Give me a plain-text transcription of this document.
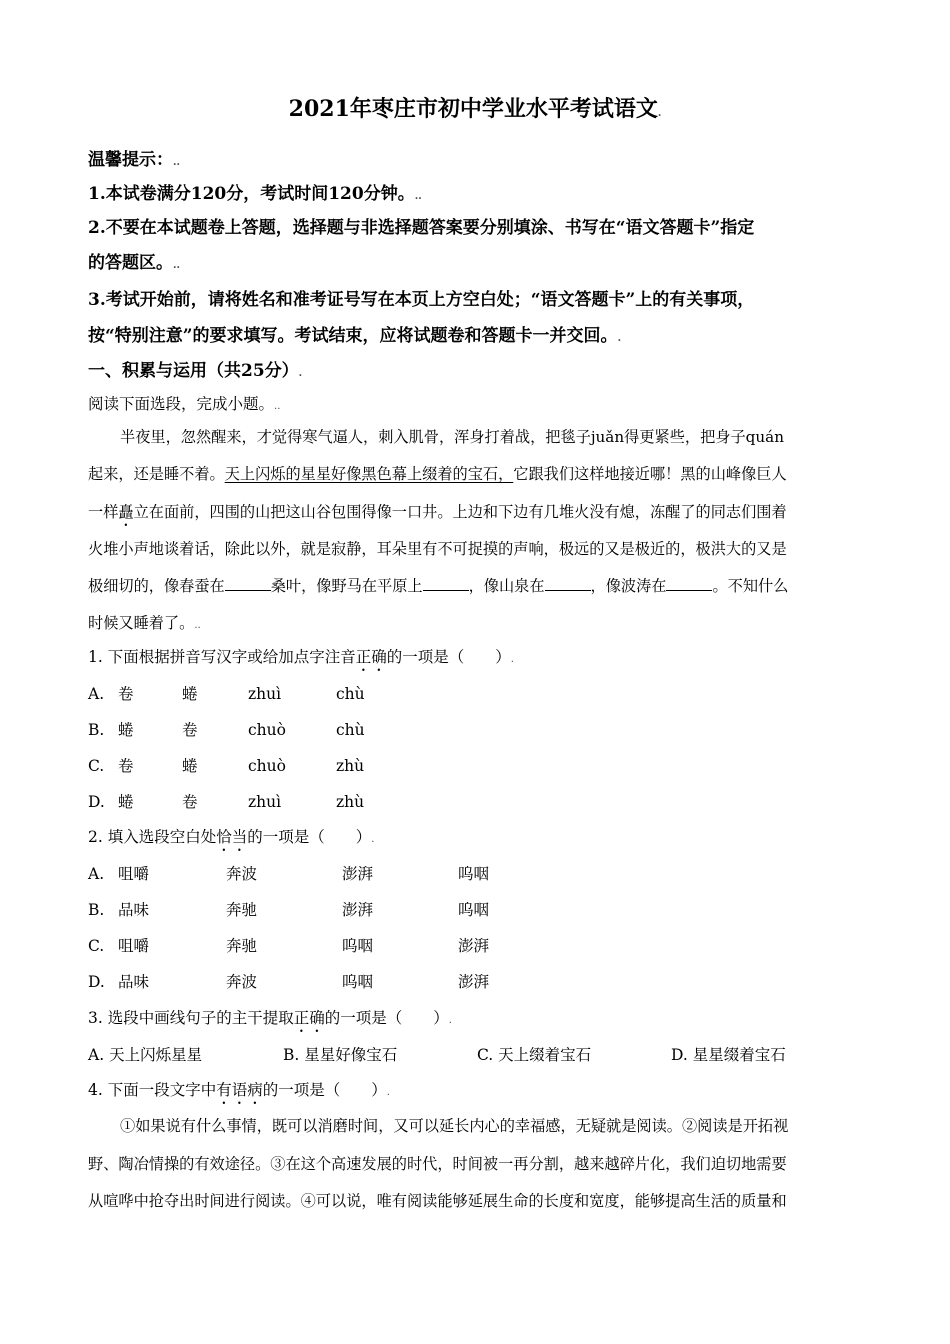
2021年枣庄市初中学业水平考试语文.
温馨提示：..
1.本试卷满分120分，考试时间120分钟。..
2.不要在本试题卷上答题，选择题与非选择题答案要分别填涂、书写在“语文答题卡”指定
的答题区。..
3.考试开始前，请将姓名和准考证号写在本页上方空白处；“语文答题卡”上的有关事项，
按“特别注意”的要求填写。考试结束，应将试题卷和答题卡一并交回。.
一、积累与运用（共25分）.
阅读下面选段，完成小题。..
半夜里，忽然醒来，才觉得寒气逼人，刺入肌骨，浑身打着战，把毯子juǎn得更紧些，把身子quán
起来，还是睡不着。天上闪烁的星星好像黑色幕上缀着的宝石，它跟我们这样地接近哪！黑的山峰像巨人
一样矗立在面前，四围的山把这山谷包围得像一口井。上边和下边有几堆火没有熄，冻醒了的同志们围着
火堆小声地谈着话，除此以外，就是寂静，耳朵里有不可捉摸的声响，极远的又是极近的，极洪大的又是
极细切的，像春蚕在	桑叶，像野马在平原上	，像山泉在	，像波涛在	。不知什么
时候又睡着了。..
1. 下面根据拼音写汉字或给加点字注音正确的一项是（　　）.
A. 卷	蜷	zhuì	chù
B. 蜷	卷	chuò	chù
C. 卷	蜷	chuò	zhù
D. 蜷	卷	zhuì	zhù
2. 填入选段空白处恰当的一项是（　　）.
A. 咀嚼	奔波	澎湃	呜咽
B. 品味	奔驰	澎湃	呜咽
C. 咀嚼	奔驰	呜咽	澎湃
D. 品味	奔波	呜咽	澎湃
3. 选段中画线句子的主干提取正确的一项是（　　）.
A. 天上闪烁星星	B. 星星好像宝石	C. 天上缀着宝石	D. 星星缀着宝石
4. 下面一段文字中有语病的一项是（　　）.
①如果说有什么事情，既可以消磨时间，又可以延长内心的幸福感，无疑就是阅读。②阅读是开拓视
野、陶冶情操的有效途径。③在这个高速发展的时代，时间被一再分割，越来越碎片化，我们迫切地需要
从喧哗中抢夺出时间进行阅读。④可以说，唯有阅读能够延展生命的长度和宽度，能够提高生活的质量和
